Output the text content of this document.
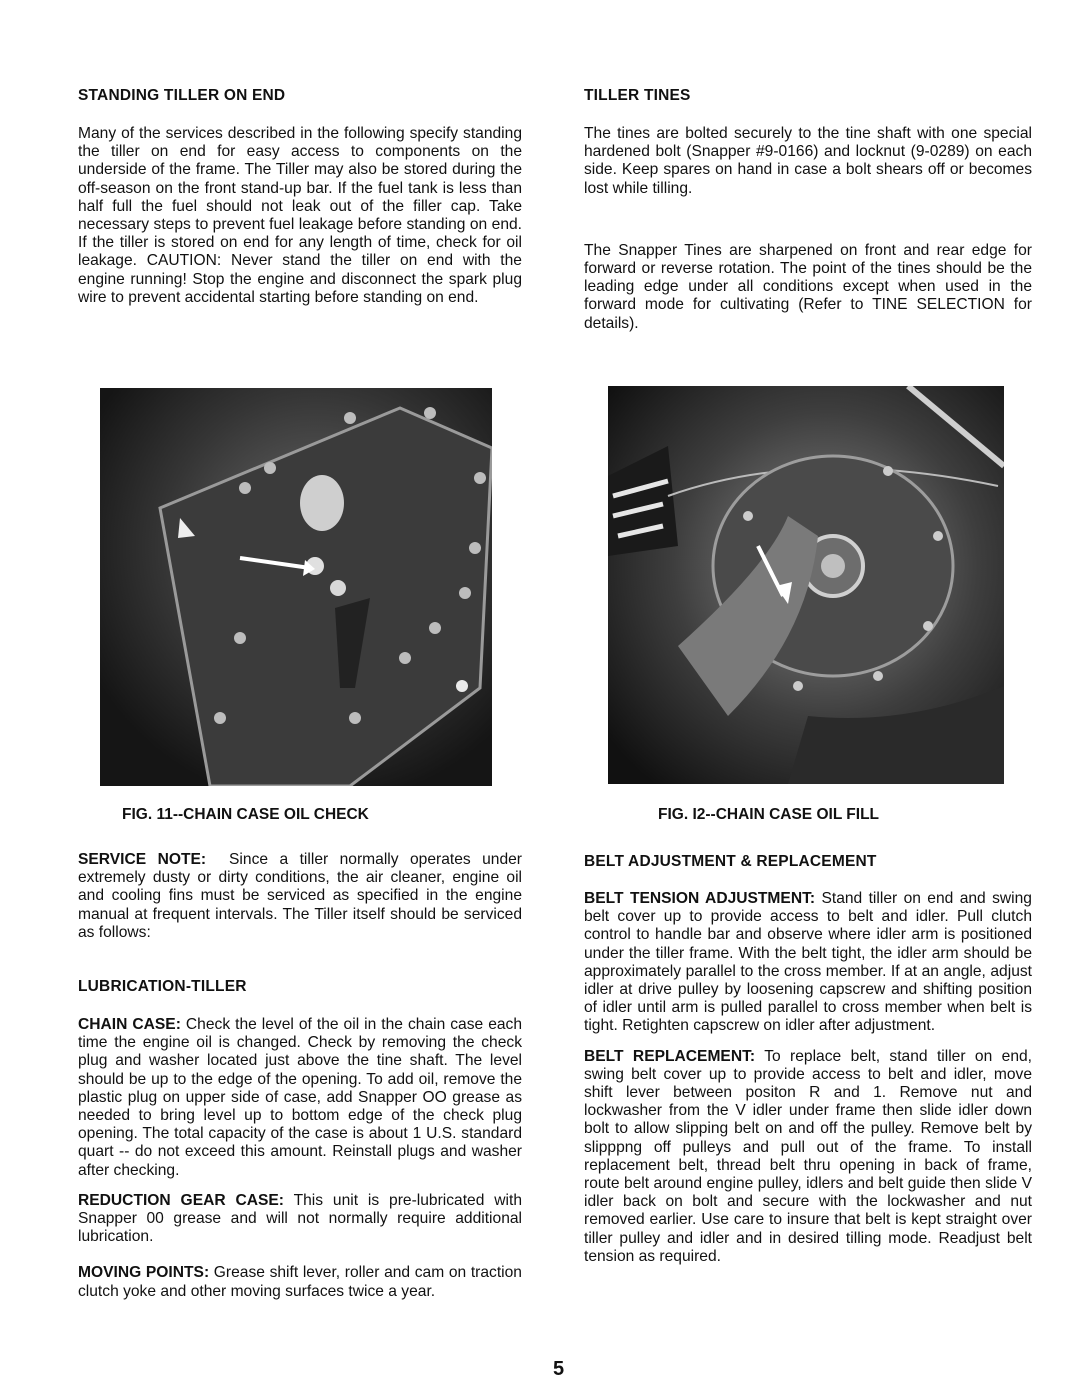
STANDING TILLER ON END

Many of the services described in the following specify standing the tiller on end for easy access to components on the underside of the frame. The Tiller may also be stored during the off-season on the front stand-up bar. If the fuel tank is less than half full the fuel should not leak out of the filler cap. Take necessary steps to prevent fuel leakage before standing on end. If the tiller is stored on end for any length of time, check for oil leakage. CAUTION: Never stand the tiller on end with the engine running! Stop the engine and disconnect the spark plug wire to prevent accidental starting before standing on end.

FIG. 11--CHAIN CASE OIL CHECK

SERVICE NOTE: Since a tiller normally operates under extremely dusty or dirty conditions, the air cleaner, engine oil and cooling fins must be serviced as specified in the engine manual at frequent intervals. The Tiller itself should be serviced as follows:

LUBRICATION-TILLER

CHAIN CASE: Check the level of the oil in the chain case each time the engine oil is changed. Check by removing the check plug and washer located just above the tine shaft. The level should be up to the edge of the opening. To add oil, remove the plastic plug on upper side of case, add Snapper OO grease as needed to bring level up to bottom edge of the check plug opening. The total capacity of the case is about 1 U.S. standard quart -- do not exceed this amount. Reinstall plugs and washer after checking.

REDUCTION GEAR CASE: This unit is pre-lubricated with Snapper 00 grease and will not normally require additional lubrication.

MOVING POINTS: Grease shift lever, roller and cam on traction clutch yoke and other moving surfaces twice a year.

TILLER TINES

The tines are bolted securely to the tine shaft with one special hardened bolt (Snapper #9-0166) and locknut (9-0289) on each side. Keep spares on hand in case a bolt shears off or becomes lost while tilling.

The Snapper Tines are sharpened on front and rear edge for forward or reverse rotation. The point of the tines should be the leading edge under all conditions except when used in the forward mode for cultivating (Refer to TINE SELECTION for details).

FIG. I2--CHAIN CASE OIL FILL
BELT ADJUSTMENT & REPLACEMENT

BELT TENSION ADJUSTMENT: Stand tiller on end and swing belt cover up to provide access to belt and idler. Pull clutch control to handle bar and observe where idler arm is positioned under the tiller frame. With the belt tight, the idler arm should be approximately parallel to the cross member. If at an angle, adjust idler at drive pulley by loosening capscrew and shifting position of idler until arm is pulled parallel to cross member when belt is tight. Retighten capscrew on idler after adjustment.

BELT REPLACEMENT: To replace belt, stand tiller on end, swing belt cover up to provide access to belt and idler, move shift lever between positon R and 1. Remove nut and lockwasher from the V idler under frame then slide idler down bolt to allow slipping belt on and off the pulley. Remove belt by slipppng off pulleys and pull out of the frame. To install replacement belt, thread belt thru opening in back of frame, route belt around engine pulley, idlers and belt guide then slide V idler back on bolt and secure with the lockwasher and nut removed earlier. Use care to insure that belt is kept straight over tiller pulley and idler and in desired tilling mode. Readjust belt tension as required.

5
